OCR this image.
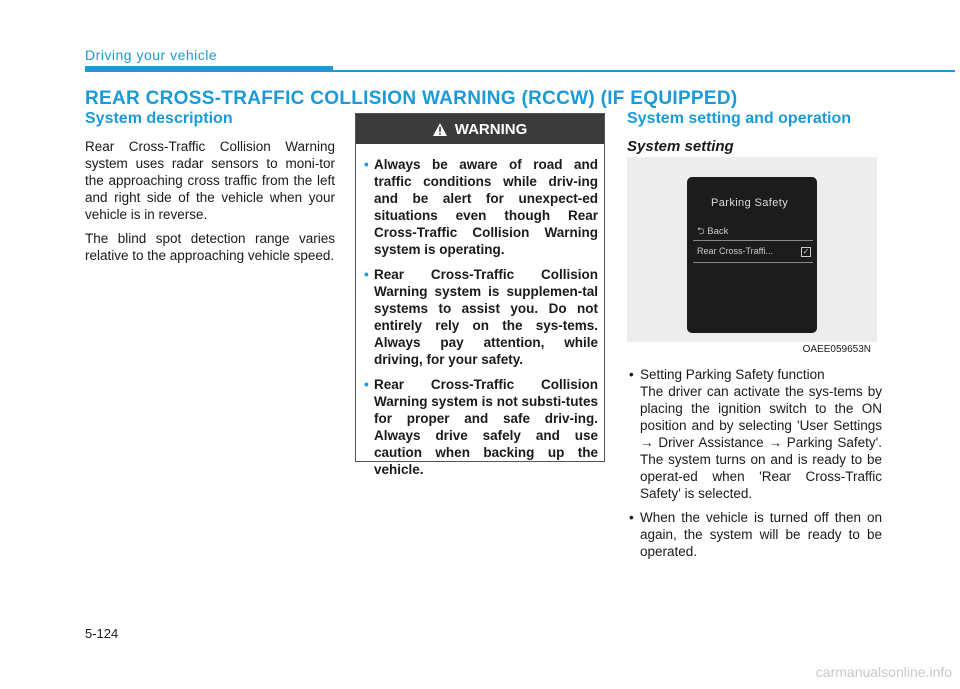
Driving your vehicle
REAR CROSS-TRAFFIC COLLISION WARNING (RCCW) (IF EQUIPPED)
System description

Rear Cross-Traffic Collision Warning system uses radar sensors to moni-tor the approaching cross traffic from the left and right side of the vehicle when your vehicle is in reverse.

The blind spot detection range varies relative to the approaching vehicle speed.

WARNING
• Always be aware of road and traffic conditions while driv-ing and be alert for unexpect-ed situations even though Rear Cross-Traffic Collision Warning system is operating.
• Rear Cross-Traffic Collision Warning system is supplemen-tal systems to assist you. Do not entirely rely on the sys-tems. Always pay attention, while driving, for your safety.
• Rear Cross-Traffic Collision Warning system is not substi-tutes for proper and safe driv-ing. Always drive safely and use caution when backing up the vehicle.
System setting and operation
System setting
Parking Safety
⮌ Back
Rear Cross-Traffi...	✓
OAEE059653N
• Setting Parking Safety function
The driver can activate the sys-tems by placing the ignition switch to the ON position and by selecting 'User Settings → Driver Assistance → Parking Safety'. The system turns on and is ready to be operat-ed when 'Rear Cross-Traffic Safety' is selected.
• When the vehicle is turned off then on again, the system will be ready to be operated.
5-124
carmanualsonline.info
